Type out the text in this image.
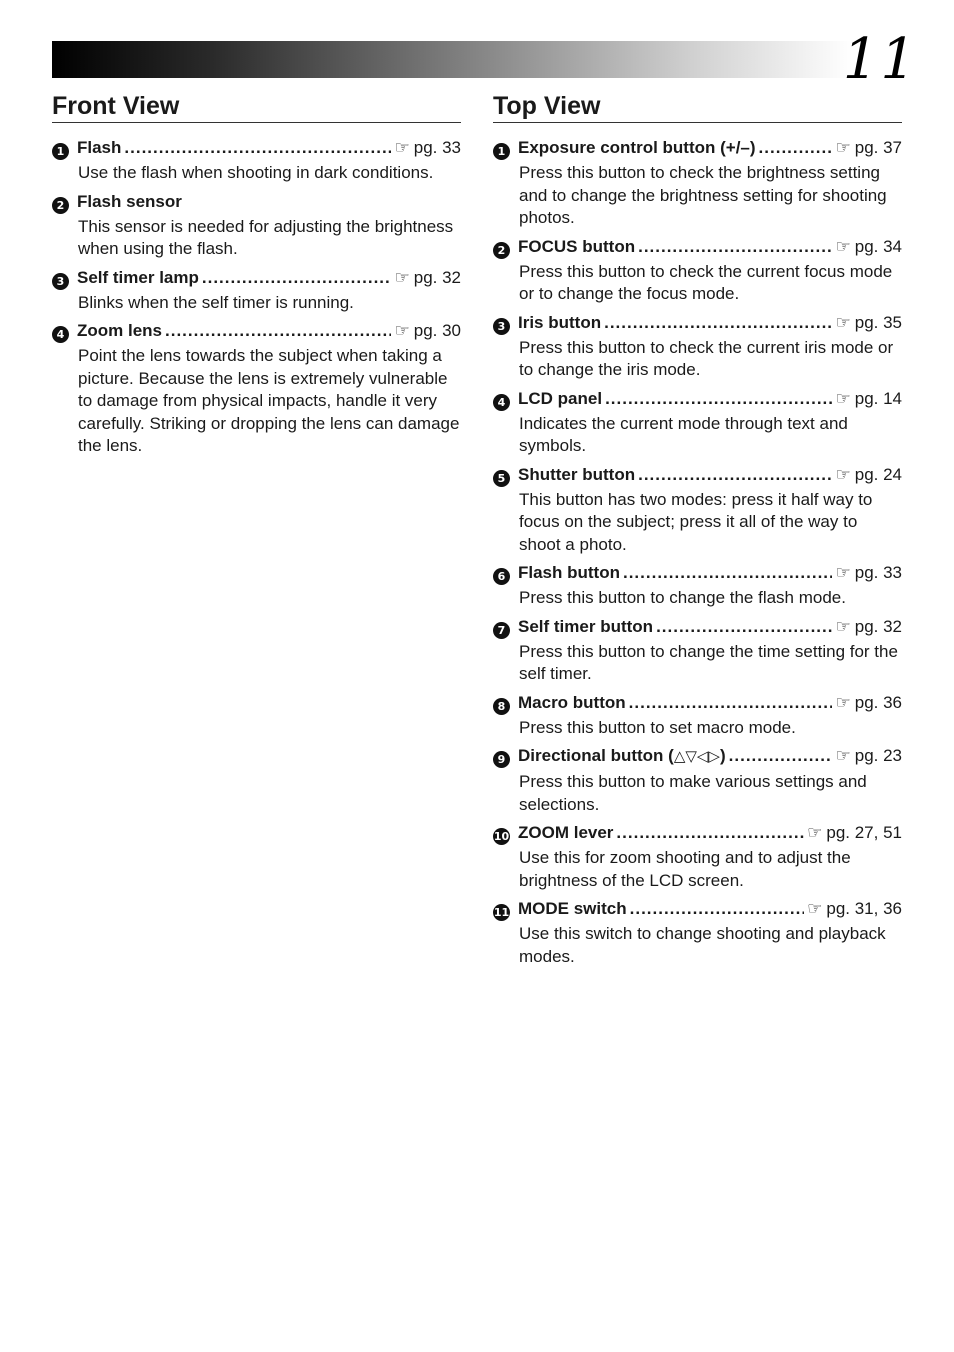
11
Front View
1 Flash .....	☞ pg. 33
Use the flash when shooting in dark conditions.
2 Flash sensor
This sensor is needed for adjusting the brightness when using the flash.
3 Self timer lamp .....	☞ pg. 32
Blinks when the self timer is running.
4 Zoom lens .....	☞ pg. 30
Point the lens towards the subject when taking a picture. Because the lens is extremely vulnerable to damage from physical impacts, handle it very carefully. Striking or dropping the lens can damage the lens.
Top View
1 Exposure control button (+/–) .....	☞ pg. 37
Press this button to check the brightness setting and to change the brightness setting for shooting photos.
2 FOCUS button .....	☞ pg. 34
Press this button to check the current focus mode or to change the focus mode.
3 Iris button .....	☞ pg. 35
Press this button to check the current iris mode or to change the iris mode.
4 LCD panel .....	☞ pg. 14
Indicates the current mode through text and symbols.
5 Shutter button .....	☞ pg. 24
This button has two modes: press it half way to focus on the subject; press it all of the way to shoot a photo.
6 Flash button .....	☞ pg. 33
Press this button to change the flash mode.
7 Self timer button .....	☞ pg. 32
Press this button to change the time setting for the self timer.
8 Macro button .....	☞ pg. 36
Press this button to set macro mode.
9 Directional button (△▽◁▷) .....	☞ pg. 23
Press this button to make various settings and selections.
10 ZOOM lever .....	☞ pg. 27, 51
Use this for zoom shooting and to adjust the brightness of the LCD screen.
11 MODE switch .....	☞ pg. 31, 36
Use this switch to change shooting and playback modes.
